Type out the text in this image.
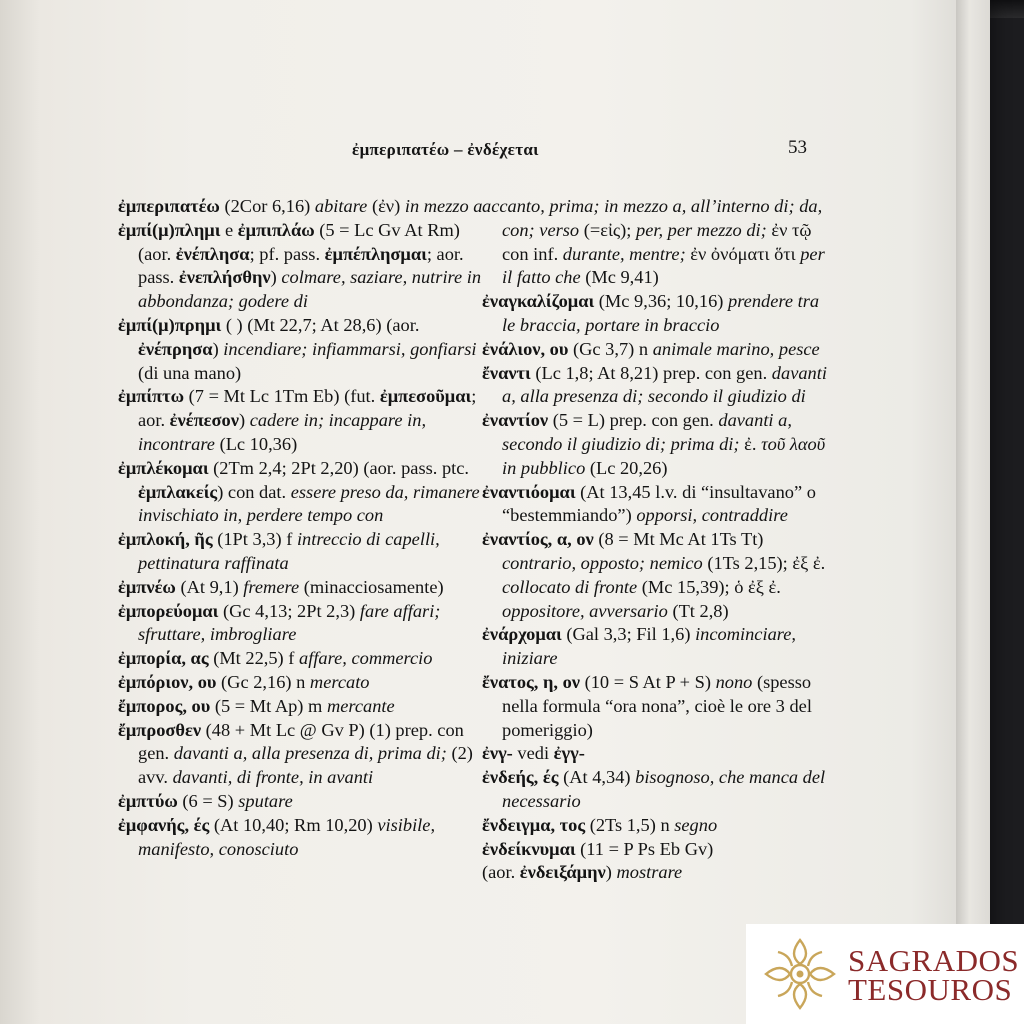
ἐμπεριπατέω – ἐνδέχεται	53

ἐμπεριπατέω (2Cor 6,16) abitare (ἐν) in mezzo a

ἐμπί(μ)πλημι e ἐμπιπλάω (5 = Lc Gv At Rm) (aor. ἐνέπλησα; pf. pass. ἐμπέπλησμαι; aor. pass. ἐνεπλήσθην) colmare, saziare, nutrire in abbondanza; godere di

ἐμπί(μ)πρημι ( ) (Mt 22,7; At 28,6) (aor. ἐνέπρησα) incendiare; infiammarsi, gonfiarsi (di una mano)

ἐμπίπτω (7 = Mt Lc 1Tm Eb) (fut. ἐμπεσοῦμαι; aor. ἐνέπεσον) cadere in; incappare in, incontrare (Lc 10,36)

ἐμπλέκομαι (2Tm 2,4; 2Pt 2,20) (aor. pass. ptc. ἐμπλακείς) con dat. essere preso da, rimanere invischiato in, perdere tempo con

ἐμπλοκή, ῆς (1Pt 3,3) f intreccio di capelli, pettinatura raffinata

ἐμπνέω (At 9,1) fremere (minacciosamente)

ἐμπορεύομαι (Gc 4,13; 2Pt 2,3) fare affari; sfruttare, imbrogliare

ἐμπορία, ας (Mt 22,5) f affare, commercio

ἐμπόριον, ου (Gc 2,16) n mercato

ἔμπορος, ου (5 = Mt Ap) m mercante

ἔμπροσθεν (48 + Mt Lc @ Gv P) (1) prep. con gen. davanti a, alla presenza di, prima di; (2) avv. davanti, di fronte, in avanti

ἐμπτύω (6 = S) sputare

ἐμφανής, ές (At 10,40; Rm 10,20) visibile, manifesto, conosciuto

accanto, prima; in mezzo a, all’interno di; da, con; verso (=εἰς); per, per mezzo di; ἐν τῷ con inf. durante, mentre; ἐν ὀνόματι ὅτι per il fatto che (Mc 9,41)

ἐναγκαλίζομαι (Mc 9,36; 10,16) prendere tra le braccia, portare in braccio

ἐνάλιον, ου (Gc 3,7) n animale marino, pesce

ἔναντι (Lc 1,8; At 8,21) prep. con gen. davanti a, alla presenza di; secondo il giudizio di

ἐναντίον (5 = L) prep. con gen. davanti a, secondo il giudizio di; prima di; ἐ. τοῦ λαοῦ in pubblico (Lc 20,26)

ἐναντιόομαι (At 13,45 l.v. di “insultavano” o “bestemmiando”) opporsi, contraddire

ἐναντίος, α, ον (8 = Mt Mc At 1Ts Tt) contrario, opposto; nemico (1Ts 2,15); ἐξ ἐ. collocato di fronte (Mc 15,39); ὁ ἐξ ἐ. oppositore, avversario (Tt 2,8)

ἐνάρχομαι (Gal 3,3; Fil 1,6) incominciare, iniziare

ἔνατος, η, ον (10 = S At P + S) nono (spesso nella formula “ora nona”, cioè le ore 3 del pomeriggio)

ἐνγ- vedi ἐγγ-

ἐνδεής, ές (At 4,34) bisognoso, che manca del necessario

ἔνδειγμα, τος (2Ts 1,5) n segno

ἐνδείκνυμαι (11 = P Ps Eb Gv)

(aor. ἐνδειξάμην) mostrare

SAGRADOS
TESOUROS
